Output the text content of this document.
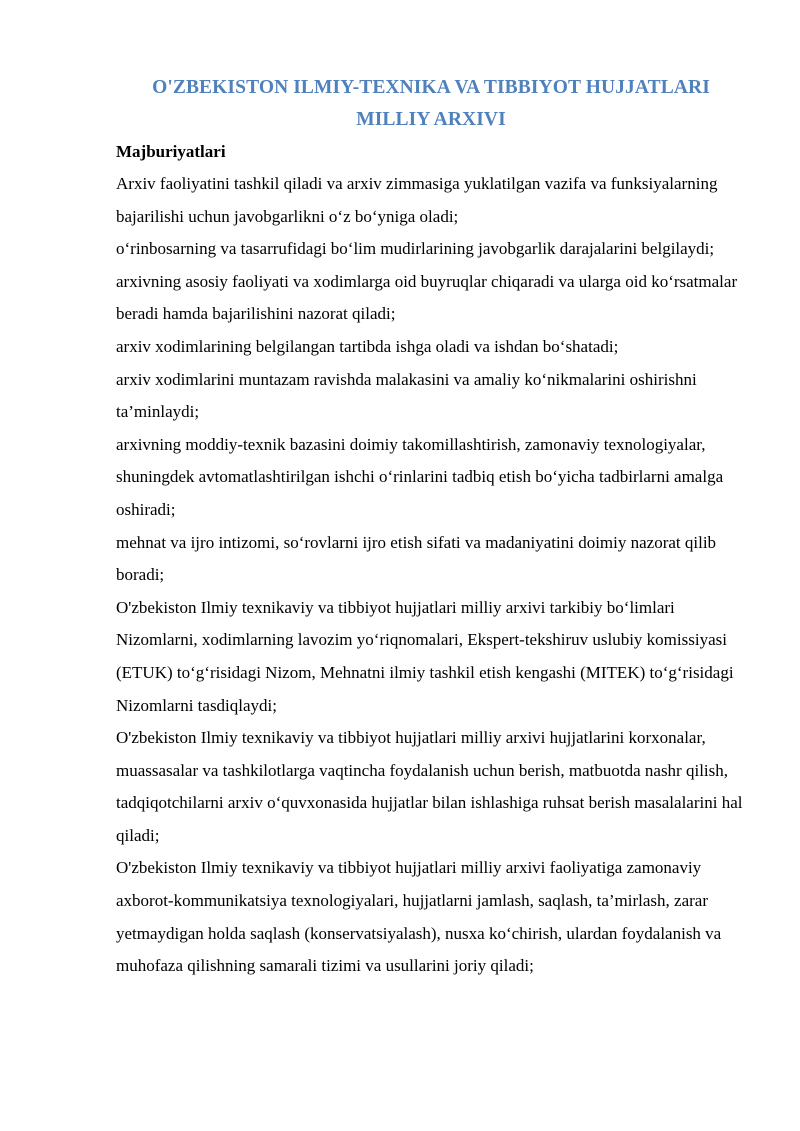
O'ZBEKISTON ILMIY-TEXNIKA VA TIBBIYOT HUJJATLARI MILLIY ARXIVI
Majburiyatlari

Arxiv faoliyatini tashkil qiladi va arxiv zimmasiga yuklatilgan vazifa va funksiyalarning bajarilishi uchun javobgarlikni o‘z bo‘yniga oladi;

o‘rinbosarning va tasarrufidagi bo‘lim mudirlarining javobgarlik darajalarini belgilaydi;

arxivning asosiy faoliyati va xodimlarga oid buyruqlar chiqaradi va ularga oid ko‘rsatmalar beradi hamda bajarilishini nazorat qiladi;

arxiv xodimlarining belgilangan tartibda ishga oladi va ishdan bo‘shatadi;

arxiv xodimlarini muntazam ravishda malakasini va amaliy ko‘nikmalarini oshirishni ta’minlaydi;

arxivning moddiy-texnik bazasini doimiy takomillashtirish, zamonaviy texnologiyalar, shuningdek avtomatlashtirilgan ishchi o‘rinlarini tadbiq etish bo‘yicha tadbirlarni amalga oshiradi;

mehnat va ijro intizomi, so‘rovlarni ijro etish sifati va madaniyatini doimiy nazorat qilib boradi;

O'zbekiston Ilmiy texnikaviy va tibbiyot hujjatlari milliy arxivi tarkibiy bo‘limlari Nizomlarni, xodimlarning lavozim yo‘riqnomalari, Ekspert-tekshiruv uslubiy komissiyasi (ETUK) to‘g‘risidagi Nizom, Mehnatni ilmiy tashkil etish kengashi (MITEK) to‘g‘risidagi Nizomlarni tasdiqlaydi;

O'zbekiston Ilmiy texnikaviy va tibbiyot hujjatlari milliy arxivi hujjatlarini korxonalar, muassasalar va tashkilotlarga vaqtincha foydalanish uchun berish, matbuotda nashr qilish, tadqiqotchilarni arxiv o‘quvxonasida hujjatlar bilan ishlashiga ruhsat berish masalalarini hal qiladi;

O'zbekiston Ilmiy texnikaviy va tibbiyot hujjatlari milliy arxivi faoliyatiga zamonaviy axborot-kommunikatsiya texnologiyalari, hujjatlarni jamlash, saqlash, ta’mirlash, zarar yetmaydigan holda saqlash (konservatsiyalash), nusxa ko‘chirish, ulardan foydalanish va muhofaza qilishning samarali tizimi va usullarini joriy qiladi;
